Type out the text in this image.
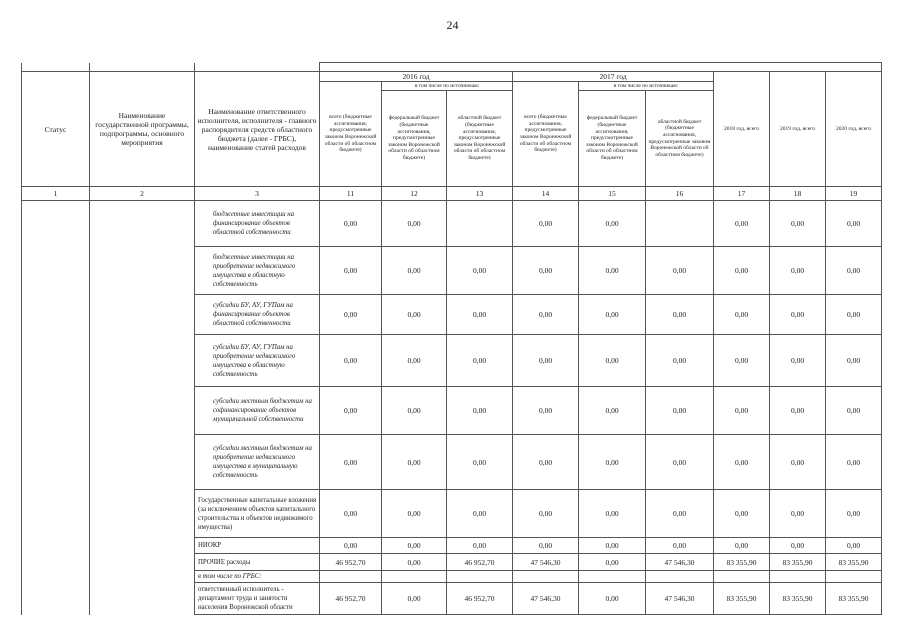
24

Статус	Наименование государственной программы, подпрограммы, основного мероприятия	Наименование ответственного исполнителя, исполнителя - главного распорядителя средств областного бюджета (далее - ГРБС), наименование статей расходов	2016 год			2017 год			2018 год, всего	2019 год, всего	2020 год, всего
			всего (бюджетные ассигнования, предусмотренные законом Воронежской области об областном бюджете)	в том числе по источникам:		всего (бюджетные ассигнования, предусмотренные законом Воронежской области об областном бюджете)	в том числе по источникам:				
				федеральный бюджет (бюджетные ассигнования, предусмотренные законом Воронежской области об областном бюджете)	областной бюджет (бюджетные ассигнования, предусмотренные законом Воронежской области об областном бюджете)		федеральный бюджет (бюджетные ассигнования, предусмотренные законом Воронежской области об областном бюджете)	областной бюджет (бюджетные ассигнования, предусмотренные законом Воронежской области об областном бюджете)			
1	2	3	11	12	13	14	15	16	17	18	19
		бюджетные инвестиции на финансирование объектов областной собственности	0,00	0,00		0,00	0,00		0,00	0,00	0,00
		бюджетные инвестиции на приобретение недвижимого имущества в областную собственность	0,00	0,00	0,00	0,00	0,00	0,00	0,00	0,00	0,00
		субсидии БУ, АУ, ГУПам на финансирование объектов областной собственности	0,00	0,00	0,00	0,00	0,00	0,00	0,00	0,00	0,00
		субсидии БУ, АУ, ГУПам на приобретение недвижимого имущества в областную собственность	0,00	0,00	0,00	0,00	0,00	0,00	0,00	0,00	0,00
		субсидии местным бюджетам на софинансирование объектов муниципальной собственности	0,00	0,00	0,00	0,00	0,00	0,00	0,00	0,00	0,00
		субсидии местным бюджетам на приобретение недвижимого имущества в муниципальную собственность	0,00	0,00	0,00	0,00	0,00	0,00	0,00	0,00	0,00
		Государственные капитальные вложения (за исключением объектов капитального строительства и объектов недвижимого имущества)	0,00	0,00	0,00	0,00	0,00	0,00	0,00	0,00	0,00
		НИОКР	0,00	0,00	0,00	0,00	0,00	0,00	0,00	0,00	0,00
		ПРОЧИЕ расходы	46 952,70	0,00	46 952,70	47 546,30	0,00	47 546,30	83 355,90	83 355,90	83 355,90
		в том числе по ГРБС:									
		ответственный исполнитель - департамент труда и занятости населения Воронежской области	46 952,70	0,00	46 952,70	47 546,30	0,00	47 546,30	83 355,90	83 355,90	83 355,90
